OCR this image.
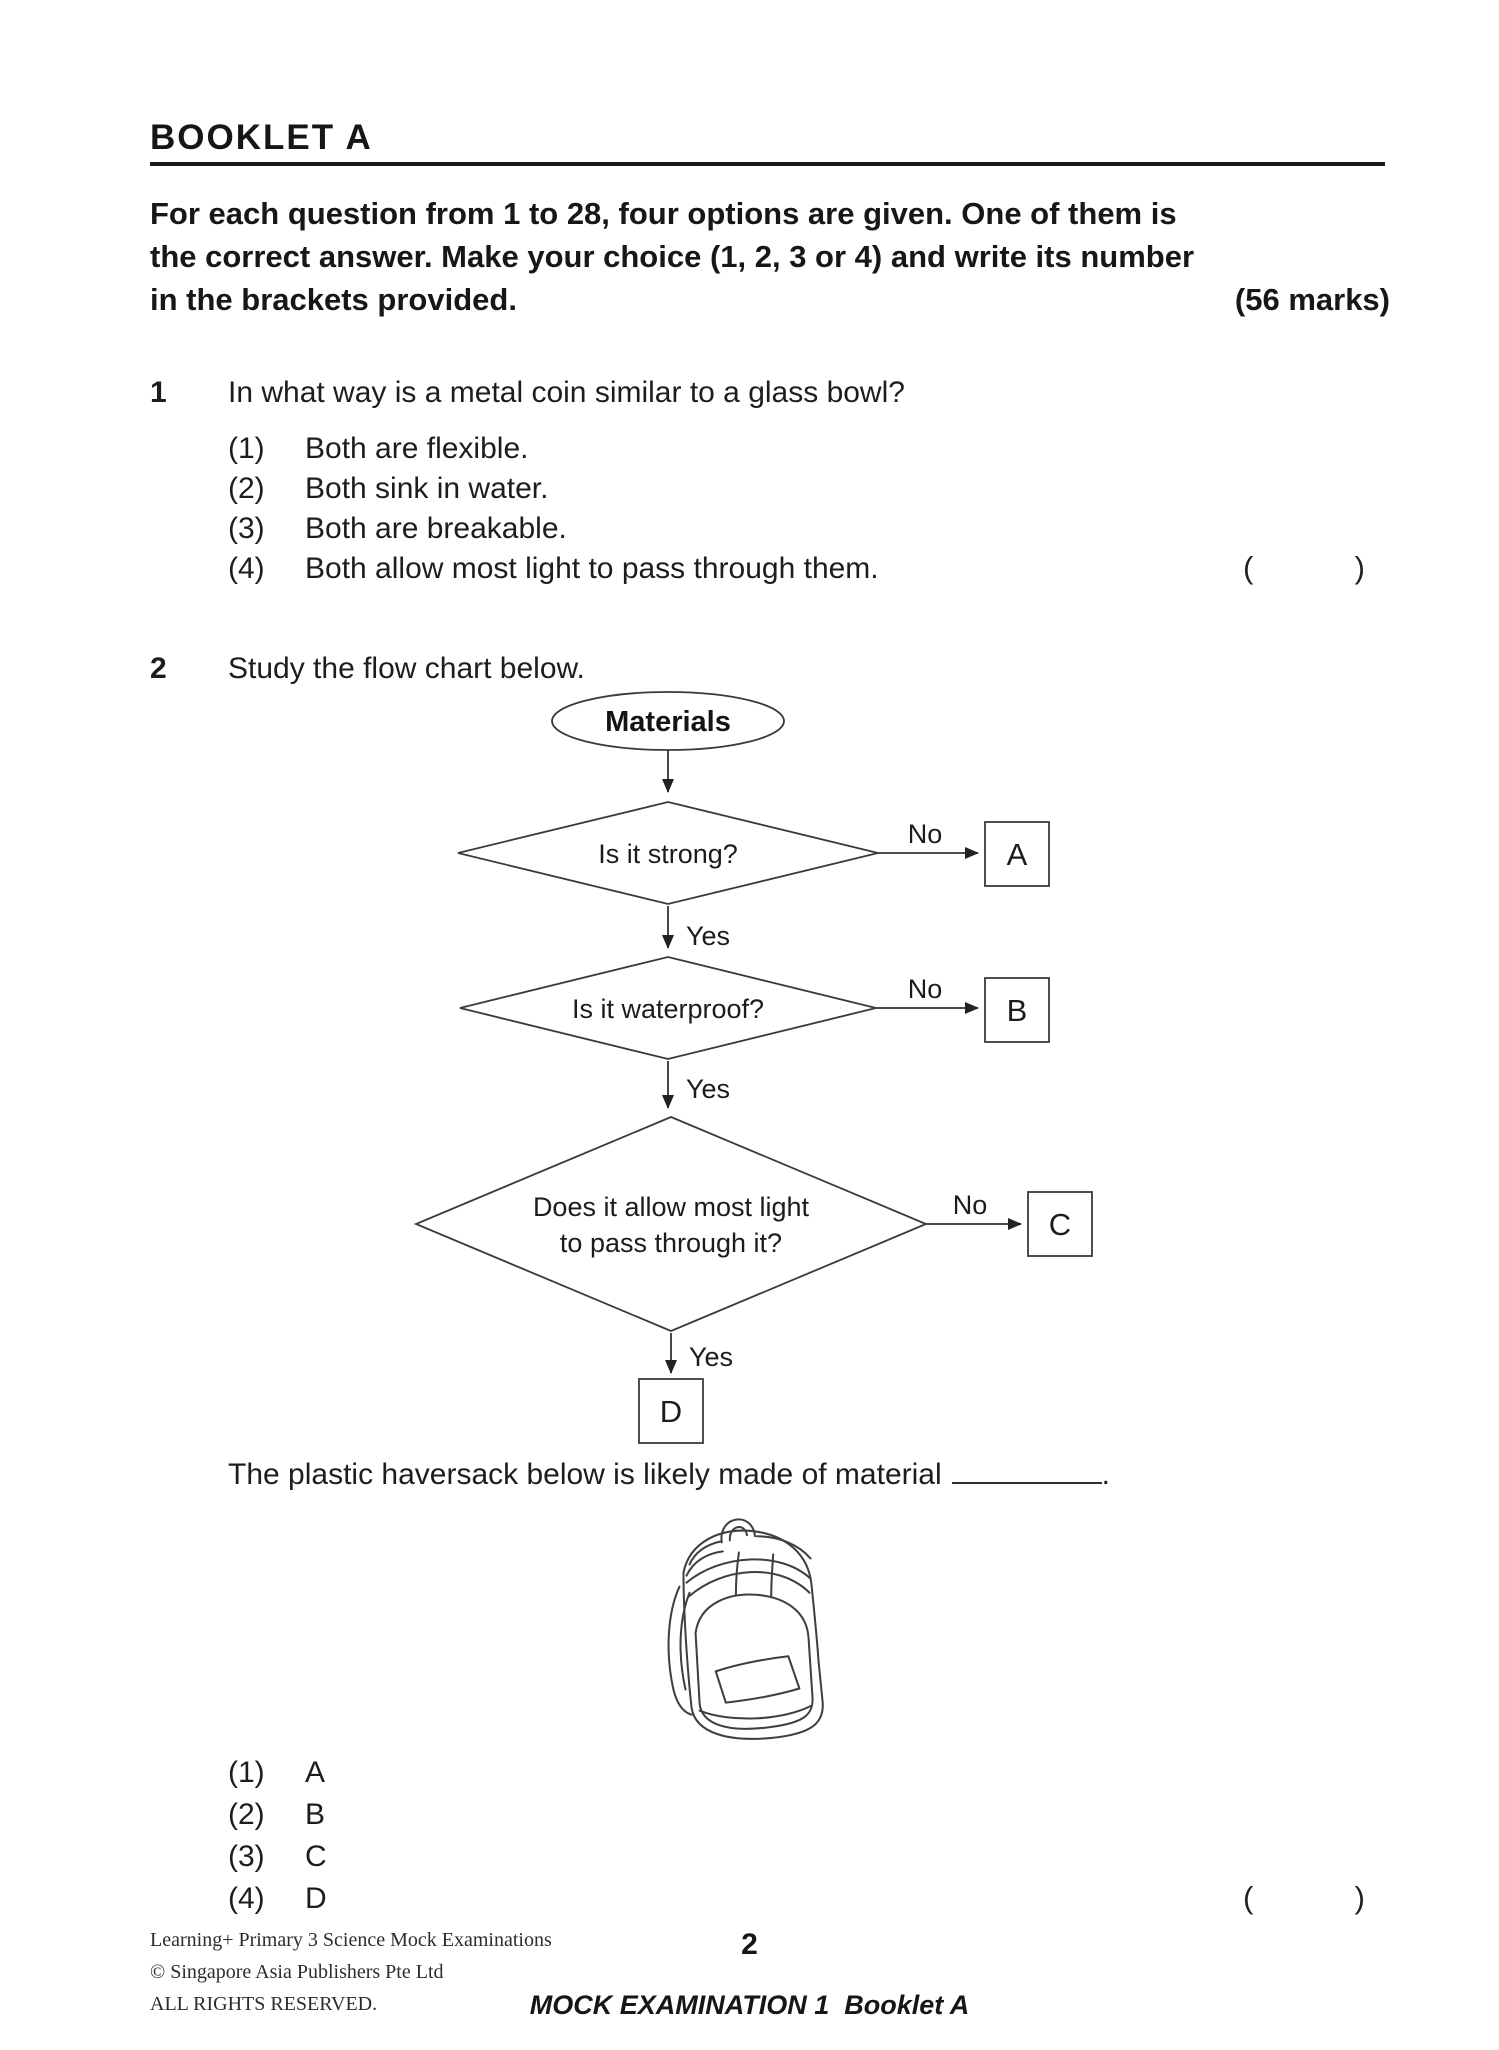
BOOKLET A
For each question from 1 to 28, four options are given. One of them is
the correct answer. Make your choice (1, 2, 3 or 4) and write its number
in the brackets provided.	(56 marks)
1	In what way is a metal coin similar to a glass bowl?
(1)	Both are flexible.
(2)	Both sink in water.
(3)	Both are breakable.
(4)	Both allow most light to pass through them.	(	)
2	Study the flow chart below.
Materials
Is it strong?
No
A
Yes
Is it waterproof?
No
B
Yes
Does it allow most light
to pass through it?
No
C
Yes
D
The plastic haversack below is likely made of material	.
(1)	A
(2)	B
(3)	C
(4)	D	(	)
Learning+ Primary 3 Science Mock Examinations
© Singapore Asia Publishers Pte Ltd
ALL RIGHTS RESERVED.
2
MOCK EXAMINATION 1  Booklet A
